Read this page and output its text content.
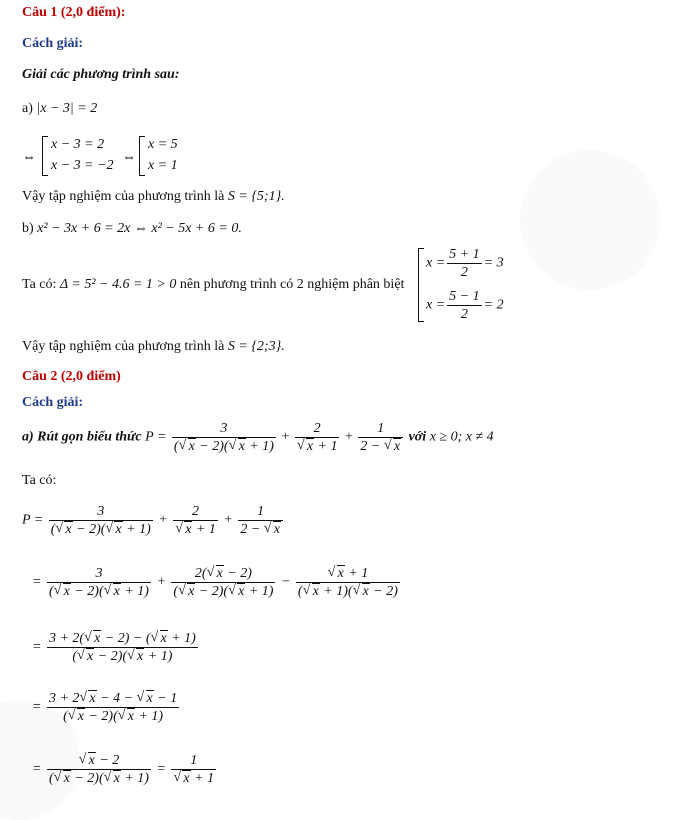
Câu 1 (2,0 điểm):
Cách giải:
Giải các phương trình sau:
a) |x − 3| = 2
⇔
x − 3 = 2
x − 3 = −2
⇔
x = 5
x = 1
Vậy tập nghiệm của phương trình là S = {5;1}.
b) x² − 3x + 6 = 2x ⇔ x² − 5x + 6 = 0.
Ta có: Δ = 5² − 4.6 = 1 > 0 nên phương trình có 2 nghiệm phân biệt
$x = \frac{5 + 1}{2} = 3$
$x = \frac{5 - 1}{2} = 2$
Vậy tập nghiệm của phương trình là S = {2;3}.
Câu 2 (2,0 điểm)
Cách giải:
a) Rút gọn biểu thức $P = \frac{3}{( √ x - 2)( √ x + 1)} + 2$
√ $x + 1 + \frac{1}{2 - √ x}$ với x ≥ 0; x ≠ 4
Ta có:
$P = \frac{3}{( √ x - 2)( √ x + 1)} + 2$
√ $x + 1 + \frac{1}{2 - √ x}$
= $\frac{3}{( √ x - 2)( √ x + 1)} + \frac{2( √ x - 2)}{( √ x - 2)( √ x + 1)}$ − √ $\frac{x + 1}{( √ x + 1)( √ x - 2)}$
= $\frac{3 + 2( √ x - 2) - ( √ x + 1)}{( √ x - 2)( √ x + 1)}$
= $\frac{3 + 2 √ x - 4 - √ x - 1}{( √ x - 2)( √ x + 1)}$
= √ $\frac{x - 2}{( √ x - 2)( √ x + 1)} = 1$
√ x + 1
